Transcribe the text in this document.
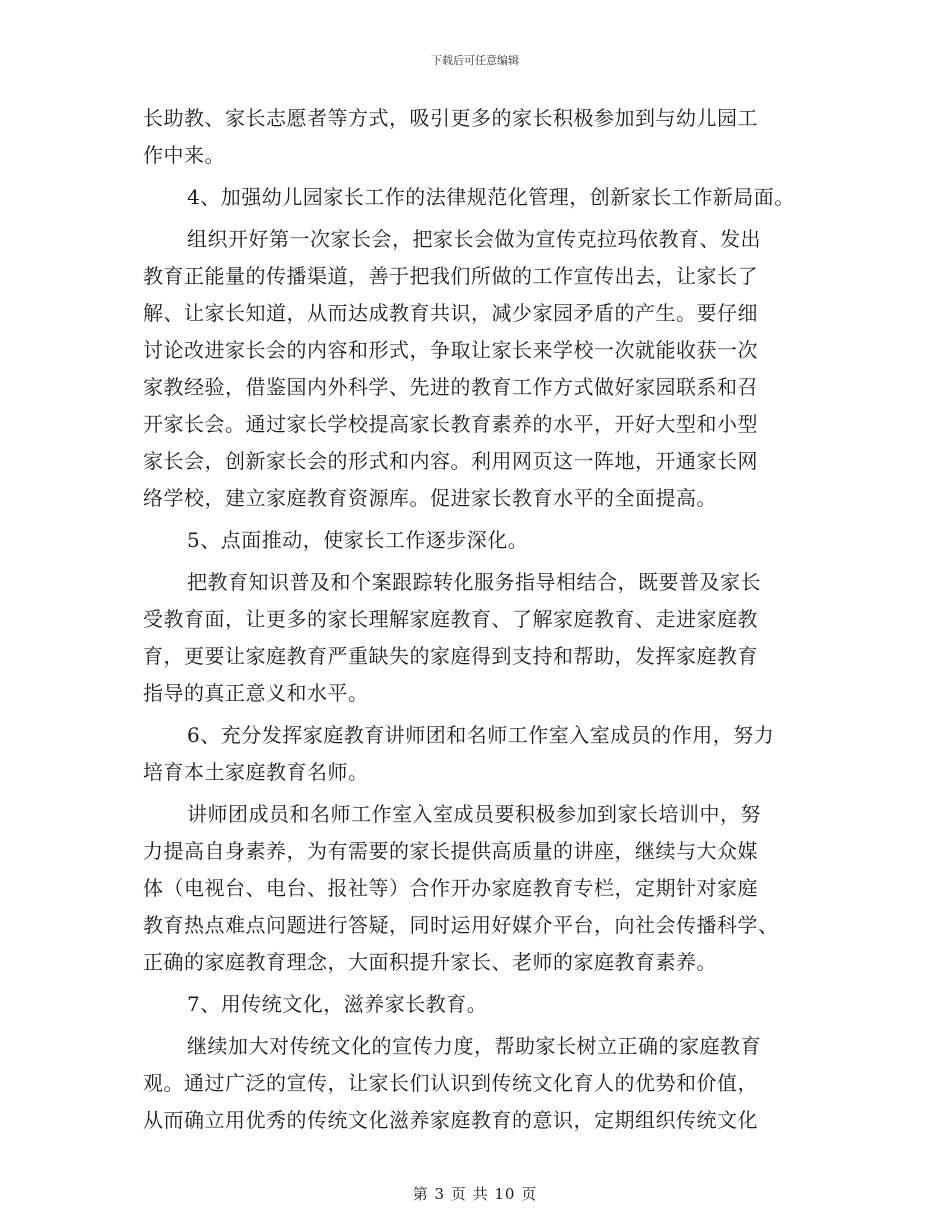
下载后可任意编辑
长助教、家长志愿者等方式，吸引更多的家长积极参加到与幼儿园工
作中来。
4、加强幼儿园家长工作的法律规范化管理，创新家长工作新局面。
组织开好第一次家长会，把家长会做为宣传克拉玛依教育、发出
教育正能量的传播渠道，善于把我们所做的工作宣传出去，让家长了
解、让家长知道，从而达成教育共识，减少家园矛盾的产生。要仔细
讨论改进家长会的内容和形式，争取让家长来学校一次就能收获一次
家教经验，借鉴国内外科学、先进的教育工作方式做好家园联系和召
开家长会。通过家长学校提高家长教育素养的水平，开好大型和小型
家长会，创新家长会的形式和内容。利用网页这一阵地，开通家长网
络学校，建立家庭教育资源库。促进家长教育水平的全面提高。
5、点面推动，使家长工作逐步深化。
把教育知识普及和个案跟踪转化服务指导相结合，既要普及家长
受教育面，让更多的家长理解家庭教育、了解家庭教育、走进家庭教
育，更要让家庭教育严重缺失的家庭得到支持和帮助，发挥家庭教育
指导的真正意义和水平。
6、充分发挥家庭教育讲师团和名师工作室入室成员的作用，努力
培育本土家庭教育名师。
讲师团成员和名师工作室入室成员要积极参加到家长培训中，努
力提高自身素养，为有需要的家长提供高质量的讲座，继续与大众媒
体（电视台、电台、报社等）合作开办家庭教育专栏，定期针对家庭
教育热点难点问题进行答疑，同时运用好媒介平台，向社会传播科学、
正确的家庭教育理念，大面积提升家长、老师的家庭教育素养。
7、用传统文化，滋养家长教育。
继续加大对传统文化的宣传力度，帮助家长树立正确的家庭教育
观。通过广泛的宣传，让家长们认识到传统文化育人的优势和价值，
从而确立用优秀的传统文化滋养家庭教育的意识，定期组织传统文化
第 3 页 共 10 页
